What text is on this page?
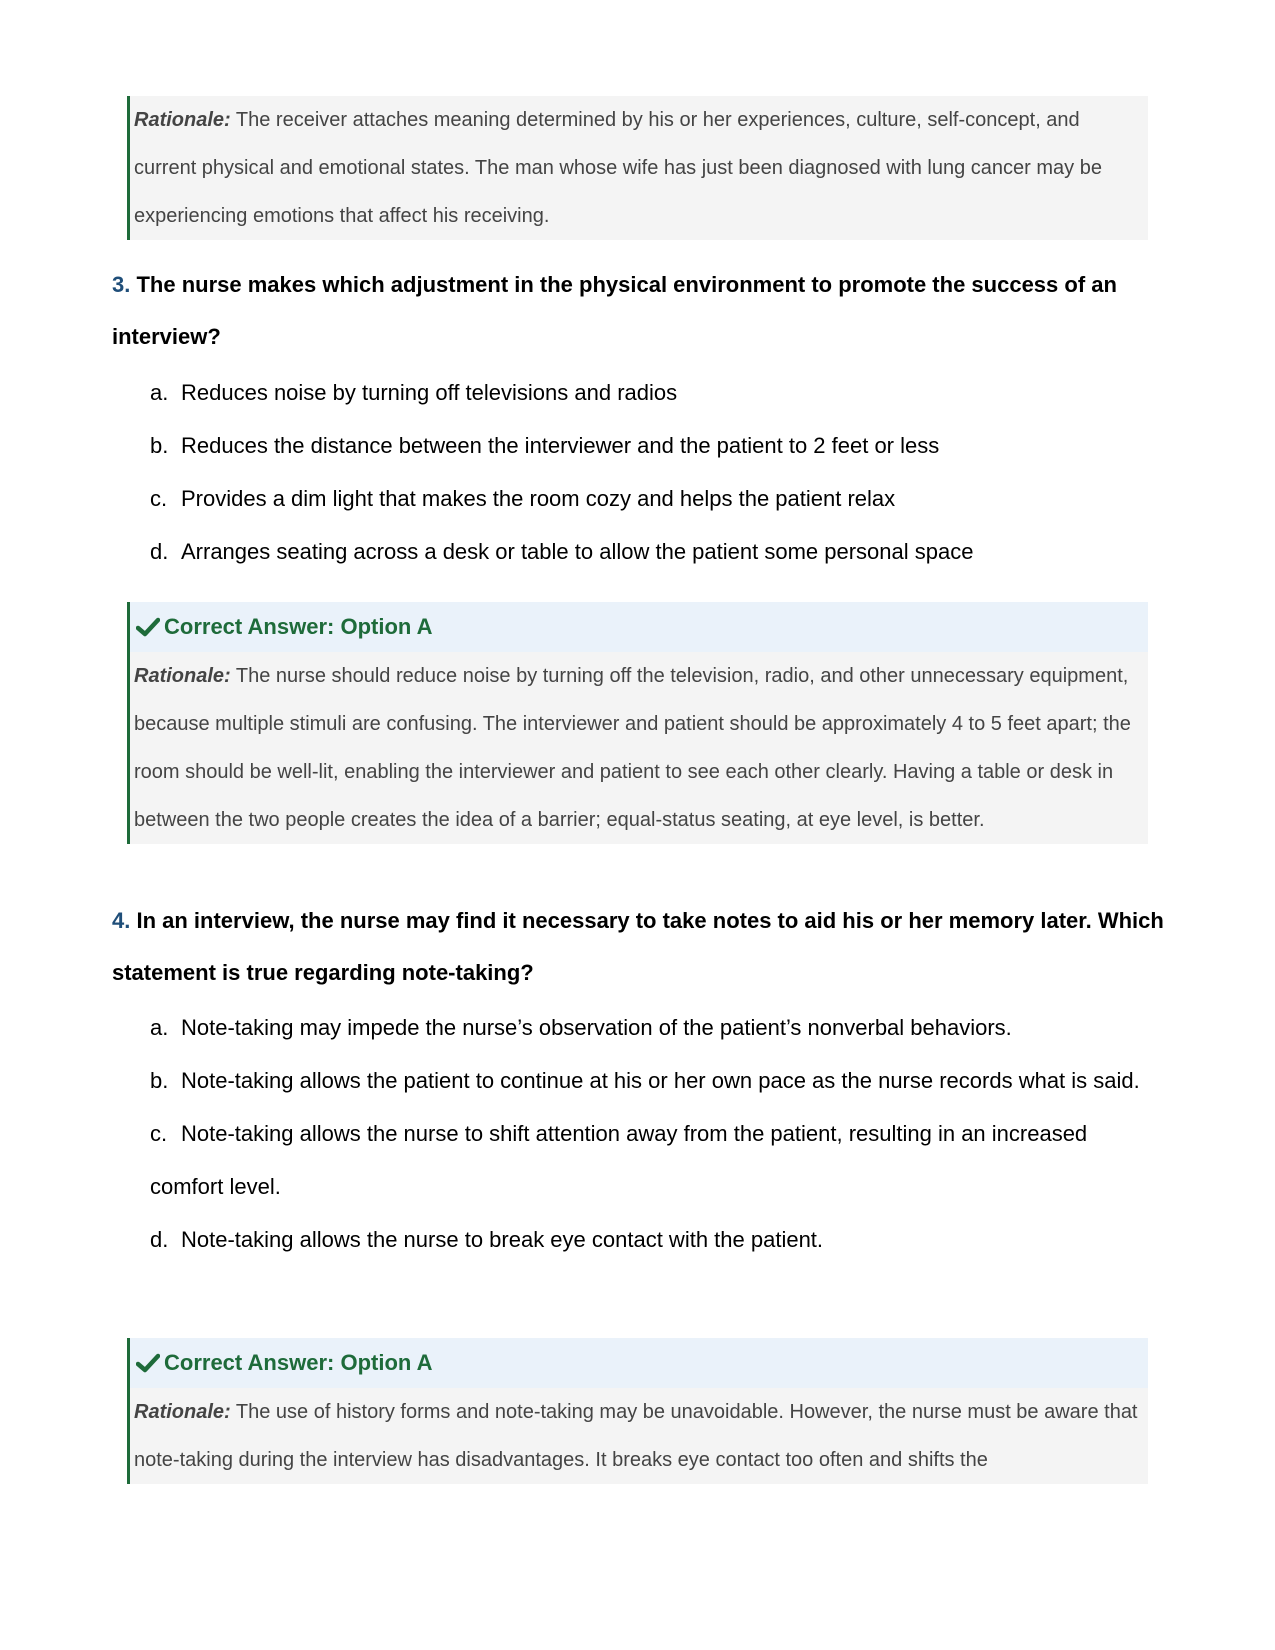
Rationale: The receiver attaches meaning determined by his or her experiences, culture, self-concept, and current physical and emotional states. The man whose wife has just been diagnosed with lung cancer may be experiencing emotions that affect his receiving.
3. The nurse makes which adjustment in the physical environment to promote the success of an interview?
a. Reduces noise by turning off televisions and radios
b. Reduces the distance between the interviewer and the patient to 2 feet or less
c. Provides a dim light that makes the room cozy and helps the patient relax
d. Arranges seating across a desk or table to allow the patient some personal space
Correct Answer: Option A
Rationale: The nurse should reduce noise by turning off the television, radio, and other unnecessary equipment, because multiple stimuli are confusing. The interviewer and patient should be approximately 4 to 5 feet apart; the room should be well-lit, enabling the interviewer and patient to see each other clearly. Having a table or desk in between the two people creates the idea of a barrier; equal-status seating, at eye level, is better.
4. In an interview, the nurse may find it necessary to take notes to aid his or her memory later. Which statement is true regarding note-taking?
a. Note-taking may impede the nurse’s observation of the patient’s nonverbal behaviors.
b. Note-taking allows the patient to continue at his or her own pace as the nurse records what is said.
c. Note-taking allows the nurse to shift attention away from the patient, resulting in an increased comfort level.
d. Note-taking allows the nurse to break eye contact with the patient.
Correct Answer: Option A
Rationale: The use of history forms and note-taking may be unavoidable. However, the nurse must be aware that note-taking during the interview has disadvantages. It breaks eye contact too often and shifts the
